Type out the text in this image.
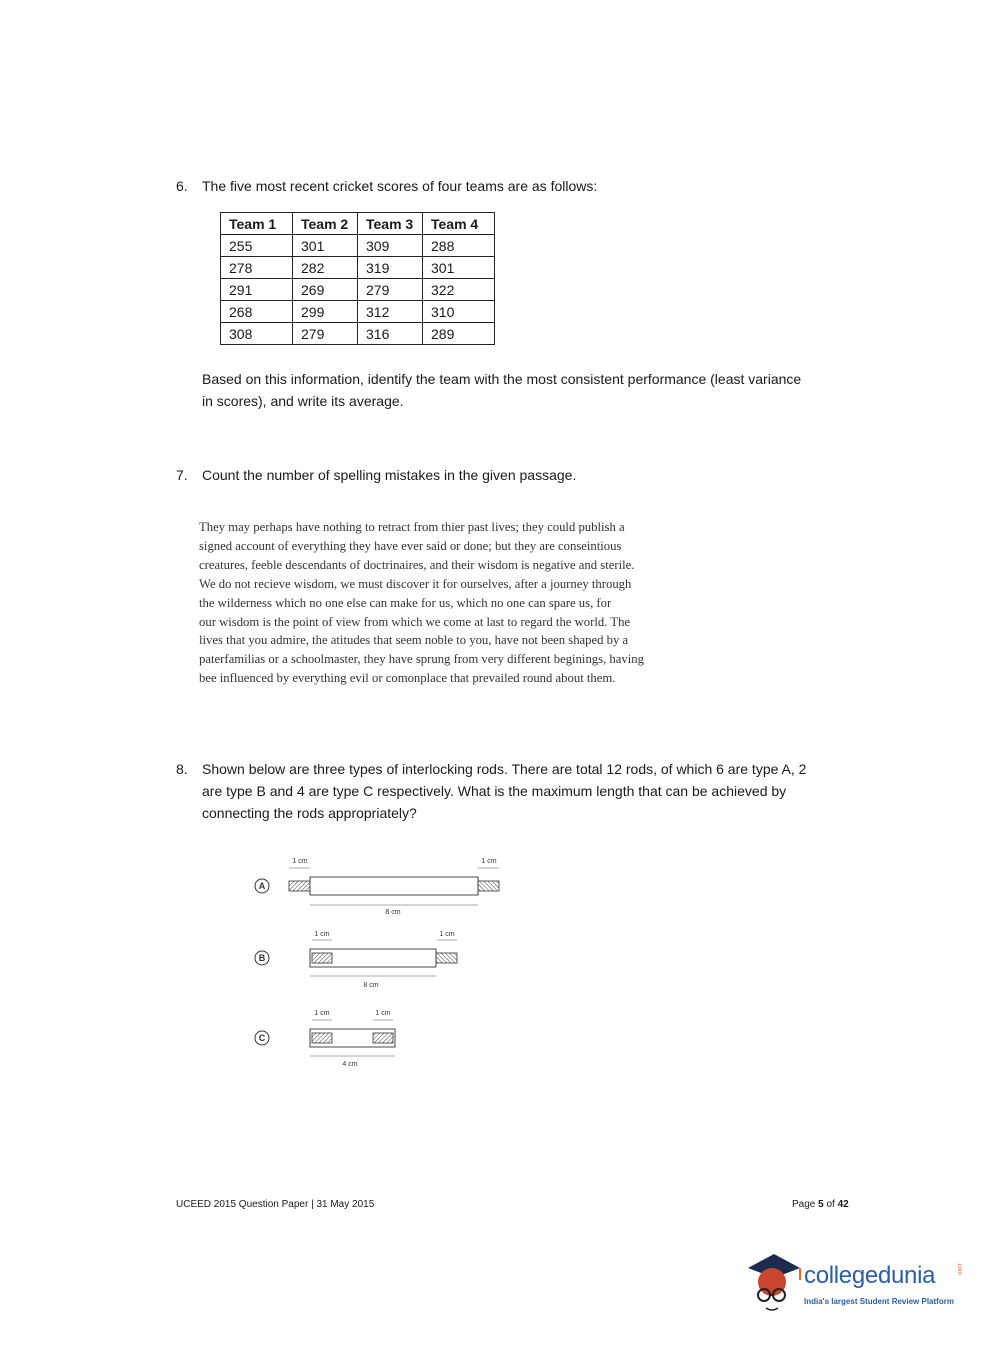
6. The five most recent cricket scores of four teams are as follows:
Team 1	Team 2	Team 3	Team 4
255	301	309	288
278	282	319	301
291	269	279	322
268	299	312	310
308	279	316	289
Based on this information, identify the team with the most consistent performance (least variance in scores), and write its average.
7. Count the number of spelling mistakes in the given passage.
They may perhaps have nothing to retract from thier past lives; they could publish a
signed account of everything they have ever said or done; but they are conseintious
creatures, feeble descendants of doctrinaires, and their wisdom is negative and sterile.
We do not recieve wisdom, we must discover it for ourselves, after a journey through
the wilderness which no one else can make for us, which no one can spare us, for
our wisdom is the point of view from which we come at last to regard the world. The
lives that you admire, the atitudes that seem noble to you, have not been shaped by a
paterfamilias or a schoolmaster, they have sprung from very different beginings, having
bee influenced by everything evil or comonplace that prevailed round about them.
8. Shown below are three types of interlocking rods. There are total 12 rods, of which 6 are type A, 2 are type B and 4 are type C respectively. What is the maximum length that can be achieved by connecting the rods appropriately?
A
1 cm	1 cm
8 cm
B
1 cm	1 cm
8 cm
C
1 cm	1 cm
4 cm
UCEED 2015 Question Paper | 31 May 2015	Page 5 of 42
collegedunia	.com
India's largest Student Review Platform
